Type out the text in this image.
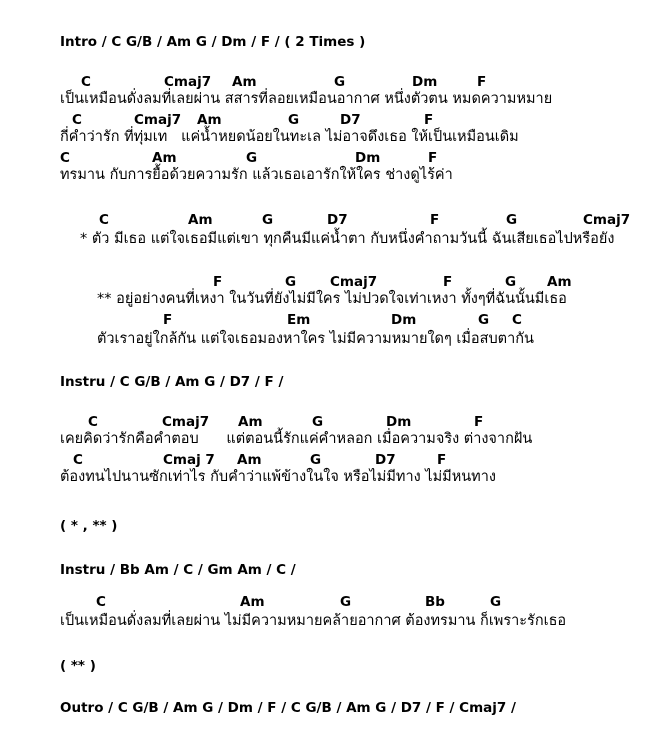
Intro / C G/B / Am G / Dm / F / ( 2 Times )
C	Cmaj7 Am	G	Dm	F
เป็นเหมือนดั่งลมที่เลยผ่าน สสารที่ลอยเหมือนอากาศ หนึ่งตัวตน หมดความหมาย
C	Cmaj7 Am	G	D7	F
กี่คำว่ารัก ที่ทุ่มเท   แค่น้ำหยดน้อยในทะเล ไม่อาจดึงเธอ ให้เป็นเหมือนเดิม
C	Am	G	Dm	F
ทรมาน กับการยื้อด้วยความรัก แล้วเธอเอารักให้ใคร ช่างดูไร้ค่า
C	Am	G	D7	F	G	Cmaj7
* ตัว มีเธอ แต่ใจเธอมีแต่เขา ทุกคืนมีแค่น้ำตา กับหนึ่งคำถามวันนี้ ฉันเสียเธอไปหรือยัง
F	G	Cmaj7	F	G Am
** อยู่อย่างคนที่เหงา ในวันที่ยังไม่มีใคร ไม่ปวดใจเท่าเหงา ทั้งๆที่ฉันนั้นมีเธอ
F	Em	Dm	G C
ตัวเราอยู่ใกล้กัน แต่ใจเธอมองหาใคร ไม่มีความหมายใดๆ เมื่อสบตากัน
Instru / C G/B / Am G / D7 / F /
C	Cmaj7 Am	G	Dm	F
เคยคิดว่ารักคือคำตอบ      แต่ตอนนี้รักแค่คำหลอก เมื่อความจริง ต่างจากฝัน
C	Cmaj 7 Am	G	D7	F
ต้องทนไปนานซักเท่าไร กับคำว่าแพ้ข้างในใจ หรือไม่มีทาง ไม่มีหนทาง
( * , ** )
Instru / Bb Am / C / Gm Am / C /
C	Am	G	Bb	G
เป็นเหมือนดั่งลมที่เลยผ่าน ไม่มีความหมายคล้ายอากาศ ต้องทรมาน ก็เพราะรักเธอ
( ** )
Outro / C G/B / Am G / Dm / F / C G/B / Am G / D7 / F / Cmaj7 /
